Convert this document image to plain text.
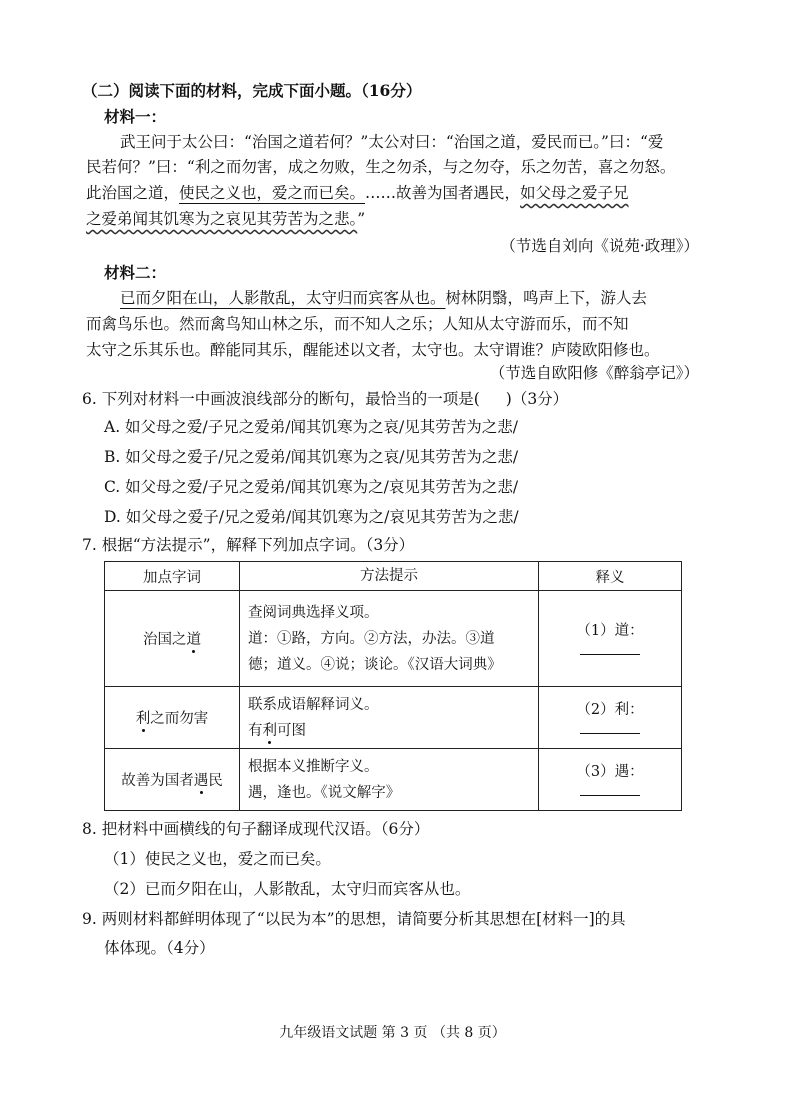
（二）阅读下面的材料，完成下面小题。（16分）
材料一：
武王问于太公曰：“治国之道若何？”太公对曰：“治国之道，爱民而已。”曰：“爱
民若何？”曰：“利之而勿害，成之勿败，生之勿杀，与之勿夺，乐之勿苦，喜之勿怒。
此治国之道，使民之义也，爱之而已矣。……故善为国者遇民，如父母之爱子兄
之爱弟闻其饥寒为之哀见其劳苦为之悲。”
（节选自刘向《说苑·政理》）
材料二：
已而夕阳在山，人影散乱，太守归而宾客从也。树林阴翳，鸣声上下，游人去
而禽鸟乐也。然而禽鸟知山林之乐，而不知人之乐；人知从太守游而乐，而不知
太守之乐其乐也。醉能同其乐，醒能述以文者，太守也。太守谓谁？庐陵欧阳修也。
（节选自欧阳修《醉翁亭记》）
6. 下列对材料一中画波浪线部分的断句，最恰当的一项是( )（3分）
A. 如父母之爱/子兄之爱弟/闻其饥寒为之哀/见其劳苦为之悲/
B. 如父母之爱子/兄之爱弟/闻其饥寒为之哀/见其劳苦为之悲/
C. 如父母之爱/子兄之爱弟/闻其饥寒为之/哀见其劳苦为之悲/
D. 如父母之爱子/兄之爱弟/闻其饥寒为之/哀见其劳苦为之悲/
7. 根据“方法提示”，解释下列加点字词。（3分）
加点字词	方法提示	释义
治国之道	查阅词典选择义项。
道：①路，方向。②方法，办法。③道
德；道义。④说；谈论。《汉语大词典》	（1）道：
利之而勿害	联系成语解释词义。
有利可图	（2）利：
故善为国者遇民	根据本义推断字义。
遇，逢也。《说文解字》	（3）遇：
8. 把材料中画横线的句子翻译成现代汉语。（6分）
（1）使民之义也，爱之而已矣。
（2）已而夕阳在山，人影散乱，太守归而宾客从也。
9. 两则材料都鲜明体现了“以民为本”的思想，请简要分析其思想在[材料一]的具
体体现。（4分）
九年级语文试题 第 3 页 （共 8 页）
